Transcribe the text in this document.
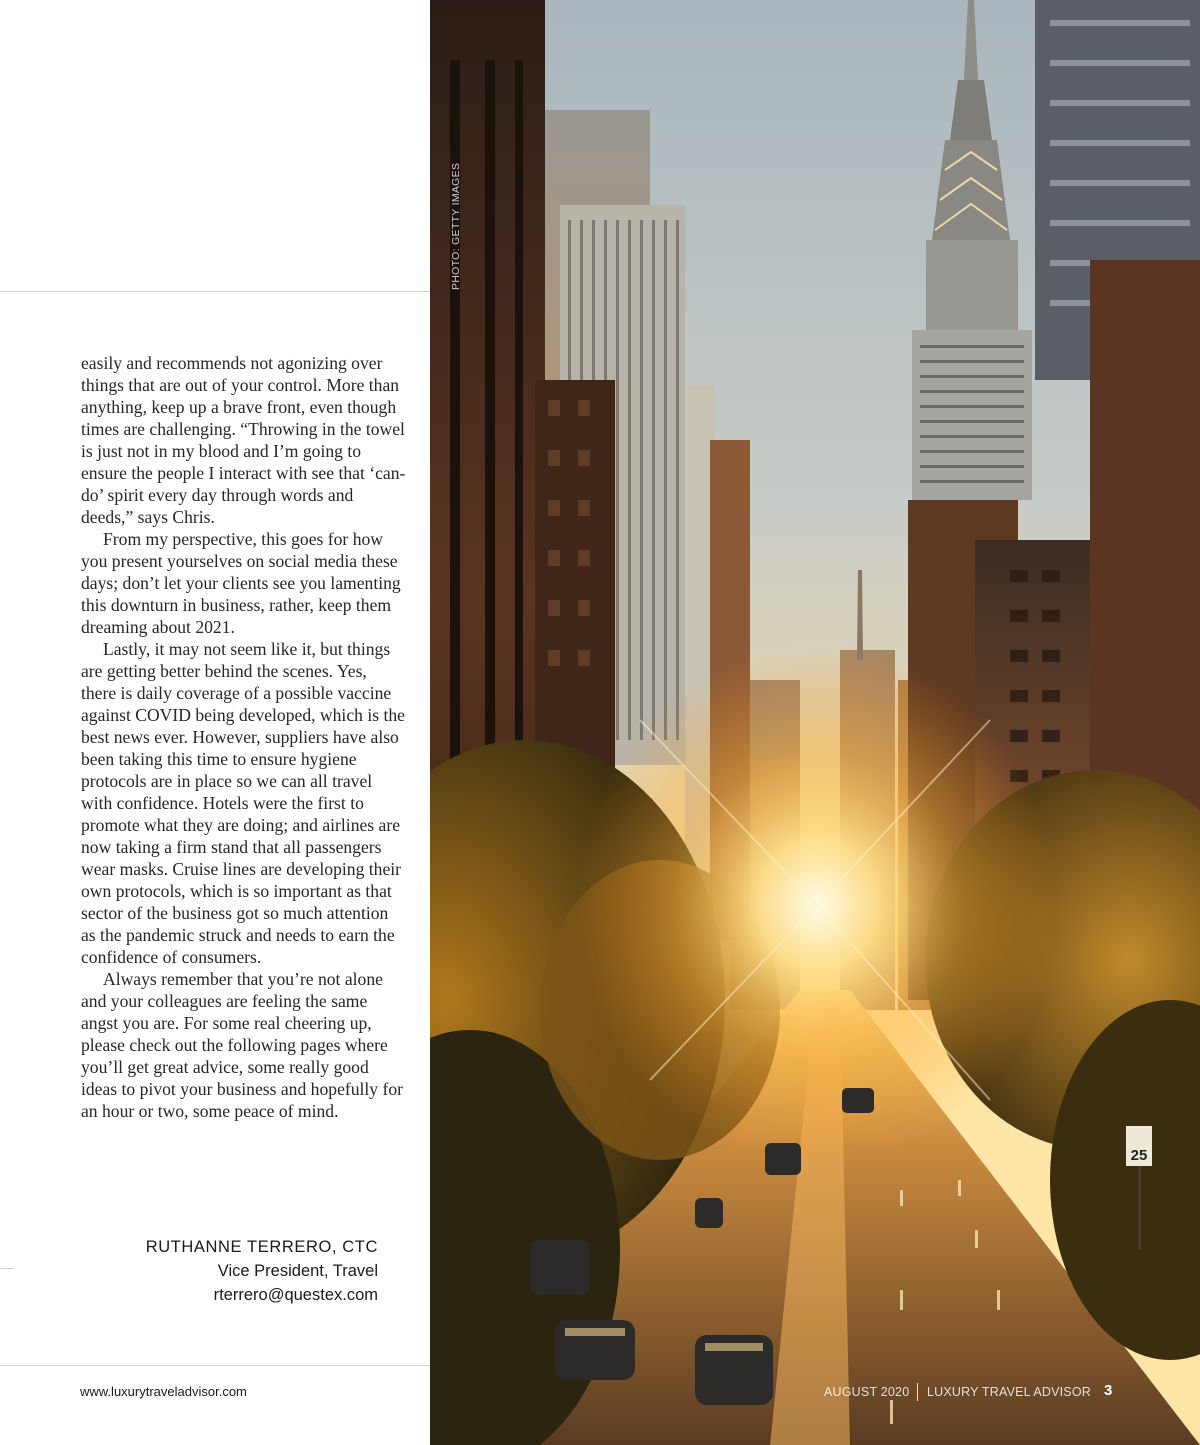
easily and recommends not agonizing over things that are out of your control. More than anything, keep up a brave front, even though times are challenging. “Throwing in the towel is just not in my blood and I’m going to ensure the people I interact with see that ‘can-do’ spirit every day through words and deeds,” says Chris.

From my perspective, this goes for how you present yourselves on social media these days; don’t let your clients see you lamenting this downturn in business, rather, keep them dreaming about 2021.

Lastly, it may not seem like it, but things are getting better behind the scenes. Yes, there is daily coverage of a possible vaccine against COVID being developed, which is the best news ever. However, suppliers have also been taking this time to ensure hygiene protocols are in place so we can all travel with confidence. Hotels were the first to promote what they are doing; and airlines are now taking a firm stand that all passengers wear masks. Cruise lines are developing their own protocols, which is so important as that sector of the business got so much attention as the pandemic struck and needs to earn the confidence of consumers.

Always remember that you’re not alone and your colleagues are feeling the same angst you are. For some real cheering up, please check out the following pages where you’ll get great advice, some really good ideas to pivot your business and hopefully for an hour or two, some peace of mind.

RUTHANNE TERRERO, CTC
Vice President, Travel
rterrero@questex.com
www.luxurytraveladvisor.com
25
PHOTO: GETTY IMAGES
AUGUST 2020 LUXURY TRAVEL ADVISOR 3
